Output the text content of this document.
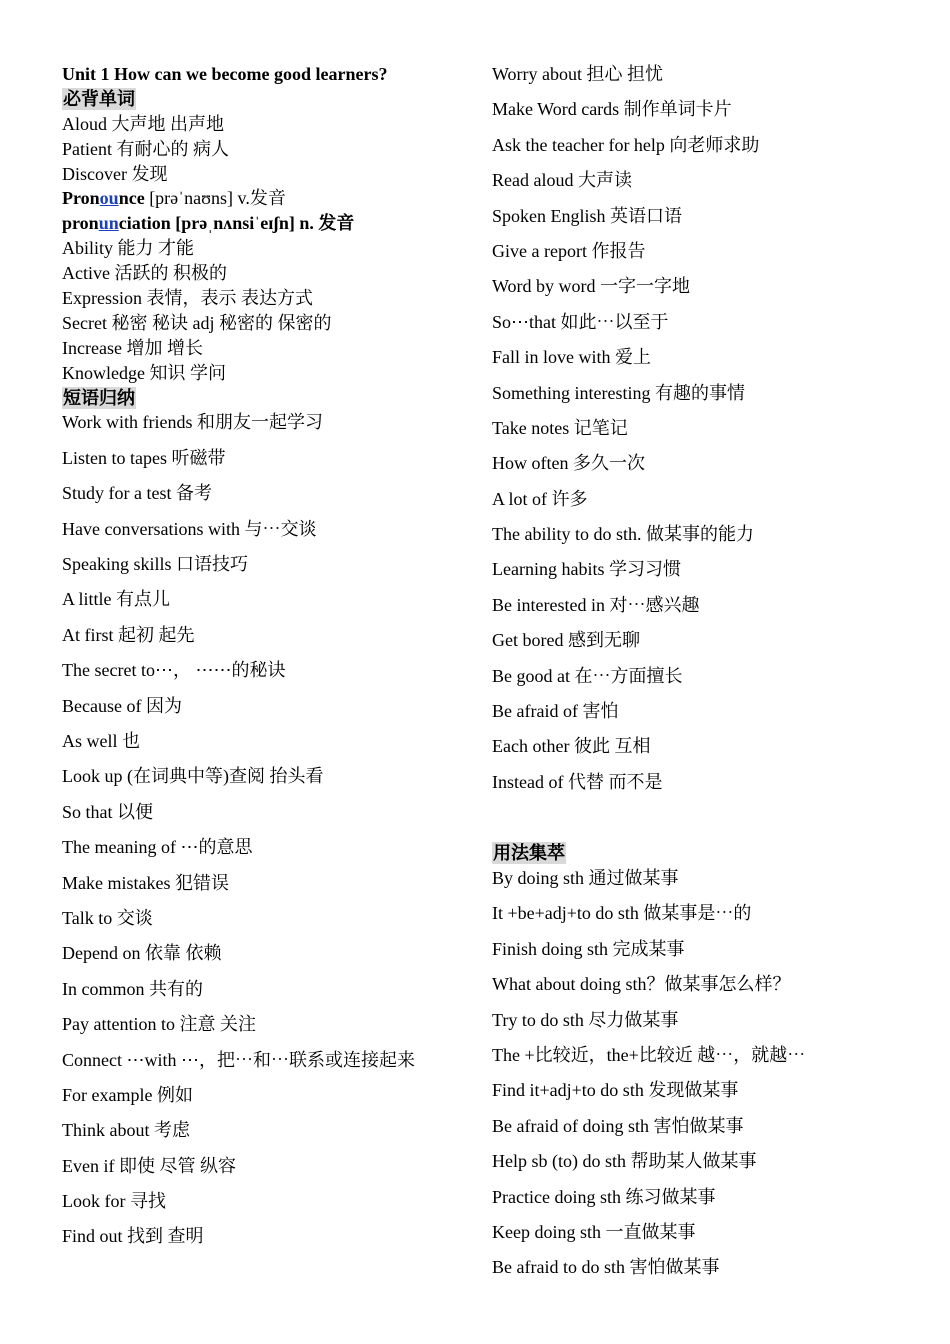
Unit 1 How can we become good learners?
必背单词
Aloud 大声地 出声地
Patient 有耐心的 病人
Discover 发现
Pronounce [prəˈnaʊns] v.发音
pronunciation [prəˌnʌnsiˈeɪʃn] n. 发音
Ability 能力 才能
Active 活跃的 积极的
Expression 表情，表示 表达方式
Secret 秘密 秘诀 adj 秘密的 保密的
Increase 增加 增长
Knowledge 知识 学问
短语归纳
Work with friends 和朋友一起学习
Listen to tapes 听磁带
Study for a test 备考
Have conversations with 与⋯交谈
Speaking skills 口语技巧
A little 有点儿
At first 起初 起先
The secret to⋯， ⋯⋯的秘诀
Because of 因为
As well 也
Look up (在词典中等)查阅 抬头看
So that 以便
The meaning of ⋯的意思
Make mistakes 犯错误
Talk to 交谈
Depend on 依靠 依赖
In common 共有的
Pay attention to 注意 关注
Connect ⋯with ⋯，把⋯和⋯联系或连接起来
For example 例如
Think about 考虑
Even if 即使 尽管 纵容
Look for 寻找
Find out 找到 查明
Worry about 担心 担忧
Make Word cards 制作单词卡片
Ask the teacher for help 向老师求助
Read aloud 大声读
Spoken English 英语口语
Give a report 作报告
Word by word 一字一字地
So⋯that 如此⋯以至于
Fall in love with 爱上
Something interesting 有趣的事情
Take notes 记笔记
How often 多久一次
A lot of 许多
The ability to do sth. 做某事的能力
Learning habits 学习习惯
Be interested in 对⋯感兴趣
Get bored 感到无聊
Be good at 在⋯方面擅长
Be afraid of 害怕
Each other 彼此 互相
Instead of 代替 而不是
用法集萃
By doing sth 通过做某事
It +be+adj+to do sth 做某事是⋯的
Finish doing sth 完成某事
What about doing sth？做某事怎么样？
Try to do sth 尽力做某事
The +比较近，the+比较近 越⋯，就越⋯
Find it+adj+to do sth 发现做某事
Be afraid of doing sth 害怕做某事
Help sb (to) do sth 帮助某人做某事
Practice doing sth 练习做某事
Keep doing sth 一直做某事
Be afraid to do sth 害怕做某事
